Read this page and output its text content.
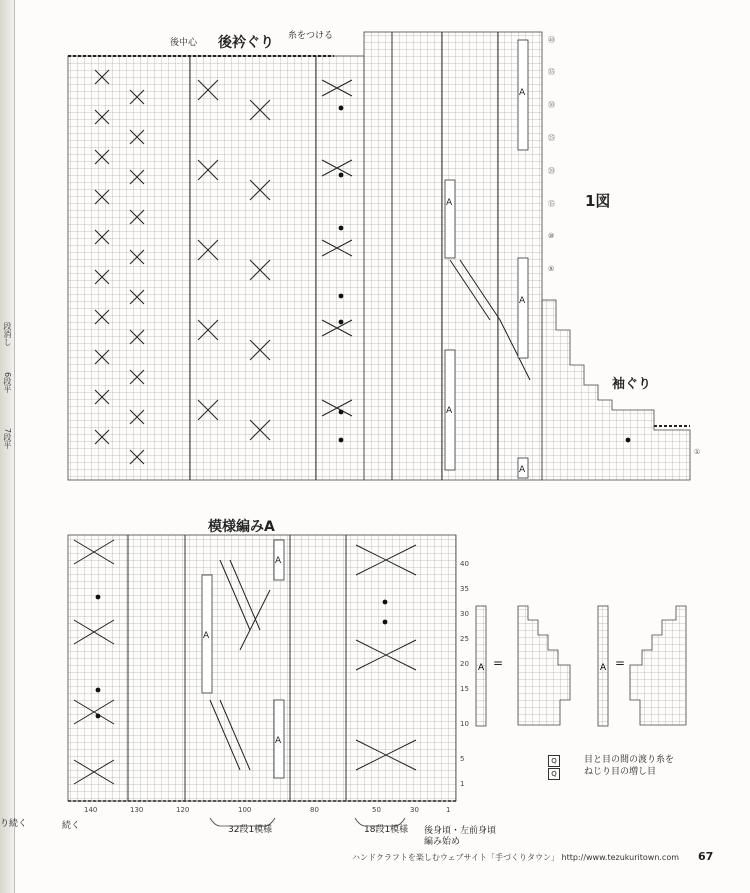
段消し
6段平
7段平
り続く
後中心 後衿ぐり 糸をつける
1図
袖ぐり
A
A
A
A
A
A
A
A
A	A
㊵
㉟
㉚
㉕
⑳
⑮
⑩
⑤
①
模様編みA
40
35
30
25
20
15
10
5
1
140	130	120	100	80	50	30	1
32段1模様	18段1模様 後身頃・左前身頃
編み始め
続く
=	=
Q
Q
目と目の間の渡り糸を
ねじり目の増し目
ハンドクラフトを楽しむウェブサイト「手づくりタウン」 http://www.tezukuritown.com 67
